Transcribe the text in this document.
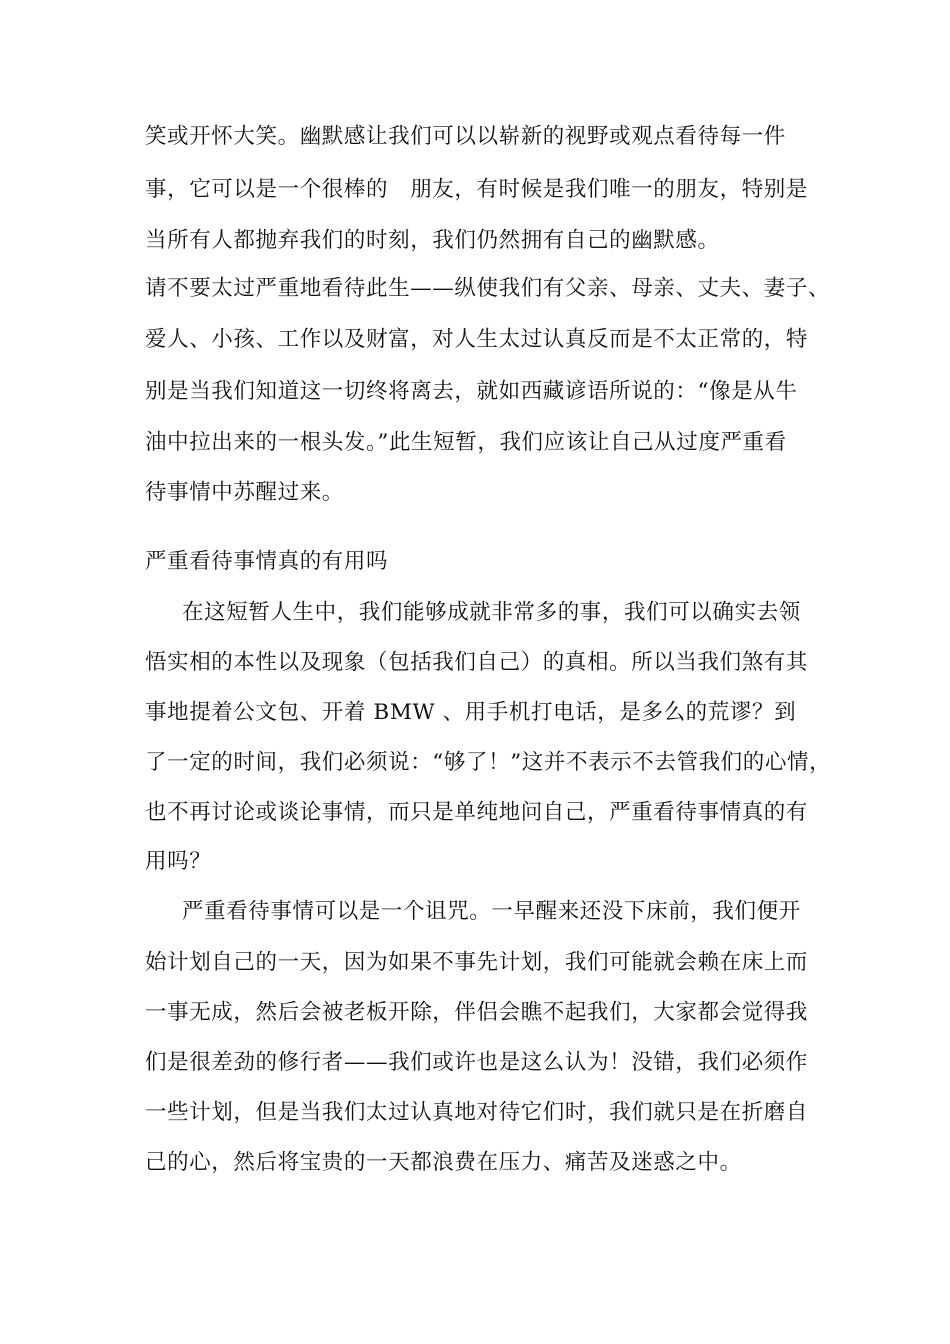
笑或开怀大笑。幽默感让我们可以以崭新的视野或观点看待每一件
事，它可以是一个很棒的　朋友，有时候是我们唯一的朋友，特别是
当所有人都抛弃我们的时刻，我们仍然拥有自己的幽默感。
请不要太过严重地看待此生——纵使我们有父亲、母亲、丈夫、妻子、
爱人、小孩、工作以及财富，对人生太过认真反而是不太正常的，特
别是当我们知道这一切终将离去，就如西藏谚语所说的：“像是从牛
油中拉出来的一根头发。”此生短暂，我们应该让自己从过度严重看
待事情中苏醒过来。
严重看待事情真的有用吗
在这短暂人生中，我们能够成就非常多的事，我们可以确实去领
悟实相的本性以及现象（包括我们自己）的真相。所以当我们煞有其
事地提着公文包、开着 BMW 、用手机打电话，是多么的荒谬？到
了一定的时间，我们必须说：“够了！”这并不表示不去管我们的心情，
也不再讨论或谈论事情，而只是单纯地问自己，严重看待事情真的有
用吗？
严重看待事情可以是一个诅咒。一早醒来还没下床前，我们便开
始计划自己的一天，因为如果不事先计划，我们可能就会赖在床上而
一事无成，然后会被老板开除，伴侣会瞧不起我们，大家都会觉得我
们是很差劲的修行者——我们或许也是这么认为！没错，我们必须作
一些计划，但是当我们太过认真地对待它们时，我们就只是在折磨自
己的心，然后将宝贵的一天都浪费在压力、痛苦及迷惑之中。
